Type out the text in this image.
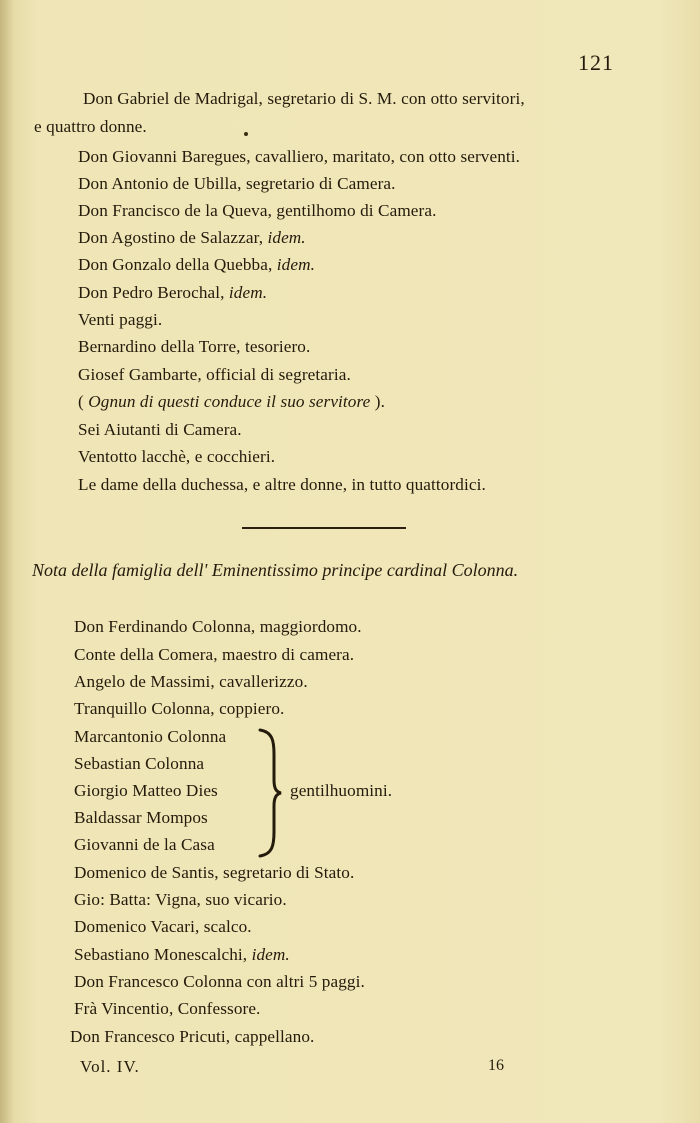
121
Don Gabriel de Madrigal, segretario di S. M. con otto servitori,
e quattro donne.
Don Giovanni Baregues, cavalliero, maritato, con otto serventi.
Don Antonio de Ubilla, segretario di Camera.
Don Francisco de la Queva, gentilhomo di Camera.
Don Agostino de Salazzar, idem.
Don Gonzalo della Quebba, idem.
Don Pedro Berochal, idem.
Venti paggi.
Bernardino della Torre, tesoriero.
Giosef Gambarte, official di segretaria.
( Ognun di questi conduce il suo servitore ).
Sei Aiutanti di Camera.
Ventotto lacchè, e cocchieri.
Le dame della duchessa, e altre donne, in tutto quattordici.
Nota della famiglia dell' Eminentissimo principe cardinal Colonna.
Don Ferdinando Colonna, maggiordomo.
Conte della Comera, maestro di camera.
Angelo de Massimi, cavallerizzo.
Tranquillo Colonna, coppiero.
Marcantonio Colonna
Sebastian Colonna
Giorgio Matteo Dies
Baldassar Mompos
Giovanni de la Casa
gentilhuomini.
Domenico de Santis, segretario di Stato.
Gio: Batta: Vigna, suo vicario.
Domenico Vacari, scalco.
Sebastiano Monescalchi, idem.
Don Francesco Colonna con altri 5 paggi.
Frà Vincentio, Confessore.
Don Francesco Pricuti, cappellano.
Vol. IV.	16
